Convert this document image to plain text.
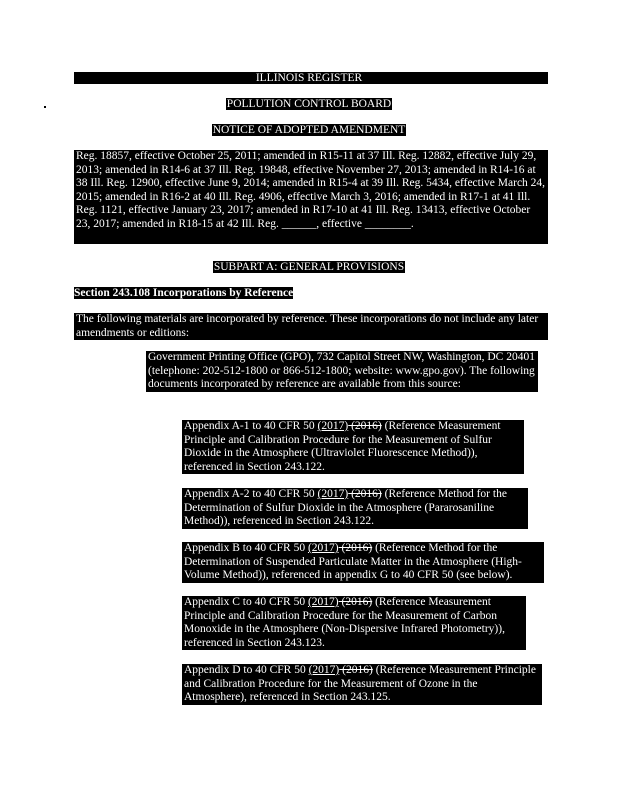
ILLINOIS REGISTER
POLLUTION CONTROL BOARD
NOTICE OF ADOPTED AMENDMENT
Reg. 18857, effective October 25, 2011; amended in R15-11 at 37 Ill. Reg. 12882, effective July 29, 2013; amended in R14-6 at 37 Ill. Reg. 19848, effective November 27, 2013; amended in R14-16 at 38 Ill. Reg. 12900, effective June 9, 2014; amended in R15-4 at 39 Ill. Reg. 5434, effective March 24, 2015; amended in R16-2 at 40 Ill. Reg. 4906, effective March 3, 2016; amended in R17-1 at 41 Ill. Reg. 1121, effective January 23, 2017; amended in R17-10 at 41 Ill. Reg. 13413, effective October 23, 2017; amended in R18-15 at 42 Ill. Reg. ______, effective ________.
SUBPART A: GENERAL PROVISIONS
Section 243.108 Incorporations by Reference
The following materials are incorporated by reference. These incorporations do not include any later amendments or editions:
Government Printing Office (GPO), 732 Capitol Street NW, Washington, DC 20401 (telephone: 202-512-1800 or 866-512-1800; website: www.gpo.gov). The following documents incorporated by reference are available from this source:
Appendix A-1 to 40 CFR 50 (2017) (2016) (Reference Measurement Principle and Calibration Procedure for the Measurement of Sulfur Dioxide in the Atmosphere (Ultraviolet Fluorescence Method)), referenced in Section 243.122.
Appendix A-2 to 40 CFR 50 (2017) (2016) (Reference Method for the Determination of Sulfur Dioxide in the Atmosphere (Pararosaniline Method)), referenced in Section 243.122.
Appendix B to 40 CFR 50 (2017) (2016) (Reference Method for the Determination of Suspended Particulate Matter in the Atmosphere (High-Volume Method)), referenced in appendix G to 40 CFR 50 (see below).
Appendix C to 40 CFR 50 (2017) (2016) (Reference Measurement Principle and Calibration Procedure for the Measurement of Carbon Monoxide in the Atmosphere (Non-Dispersive Infrared Photometry)), referenced in Section 243.123.
Appendix D to 40 CFR 50 (2017) (2016) (Reference Measurement Principle and Calibration Procedure for the Measurement of Ozone in the Atmosphere), referenced in Section 243.125.
